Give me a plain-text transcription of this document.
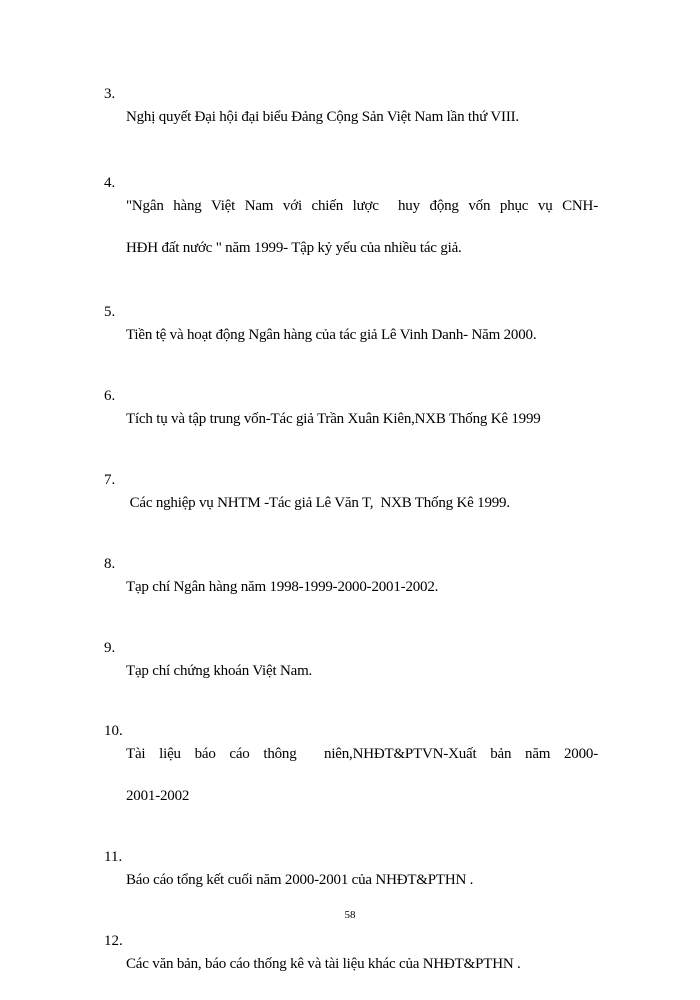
3.

Nghị quyết Đại hội đại biểu Đảng Cộng Sản Việt Nam lần thứ VIII.

4.

"Ngân hàng Việt Nam với chiến lược  huy động vốn phục vụ CNH-

HĐH đất nước " năm 1999- Tập kỷ yếu của nhiều tác giả.

5.

Tiền tệ và hoạt động Ngân hàng của tác giả Lê Vinh Danh- Năm 2000.

6.

Tích tụ và tập trung vốn-Tác giả Trần Xuân Kiên,NXB Thống Kê 1999

7.

Các nghiệp vụ NHTM -Tác giả Lê Văn T,  NXB Thống Kê 1999.

8.

Tạp chí Ngân hàng năm 1998-1999-2000-2001-2002.

9.

Tạp chí chứng khoán Việt Nam.

10.

Tài liệu báo cáo thông  niên,NHĐT&PTVN-Xuất bản năm 2000-

2001-2002

11.

Báo cáo tổng kết cuối năm 2000-2001 của NHĐT&PTHN .

12.

Các văn bản, báo cáo thống kê và tài liệu khác của NHĐT&PTHN .

58
